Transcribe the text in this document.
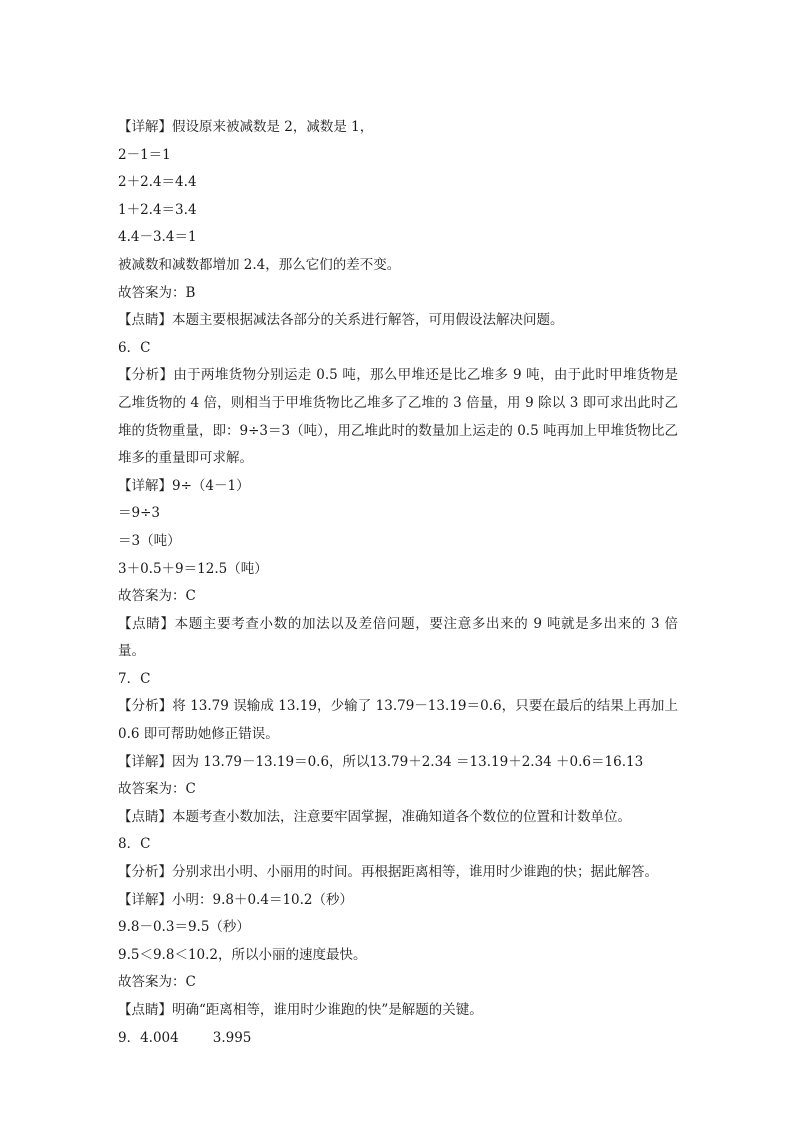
【详解】假设原来被减数是 2，减数是 1，
2－1＝1
2＋2.4＝4.4
1＋2.4＝3.4
4.4－3.4＝1
被减数和减数都增加 2.4，那么它们的差不变。
故答案为：B
【点睛】本题主要根据减法各部分的关系进行解答，可用假设法解决问题。
6．C
【分析】由于两堆货物分别运走 0.5 吨，那么甲堆还是比乙堆多 9 吨，由于此时甲堆货物是乙堆货物的 4 倍，则相当于甲堆货物比乙堆多了乙堆的 3 倍量，用 9 除以 3 即可求出此时乙堆的货物重量，即：9÷3＝3（吨），用乙堆此时的数量加上运走的 0.5 吨再加上甲堆货物比乙堆多的重量即可求解。
【详解】9÷（4－1）
＝9÷3
＝3（吨）
3＋0.5＋9＝12.5（吨）
故答案为：C
【点睛】本题主要考查小数的加法以及差倍问题，要注意多出来的 9 吨就是多出来的 3 倍量。
7．C
【分析】将 13.79 误输成 13.19，少输了 13.79－13.19＝0.6，只要在最后的结果上再加上 0.6 即可帮助她修正错误。
【详解】因为 13.79－13.19＝0.6，所以13.79＋2.34 ＝13.19＋2.34 ＋0.6＝16.13
故答案为：C
【点睛】本题考查小数加法，注意要牢固掌握，准确知道各个数位的位置和计数单位。
8．C
【分析】分别求出小明、小丽用的时间。再根据距离相等，谁用时少谁跑的快；据此解答。
【详解】小明：9.8＋0.4＝10.2（秒）
9.8－0.3＝9.5（秒）
9.5＜9.8＜10.2，所以小丽的速度最快。
故答案为：C
【点睛】明确“距离相等，谁用时少谁跑的快”是解题的关键。
9．4.004	3.995
